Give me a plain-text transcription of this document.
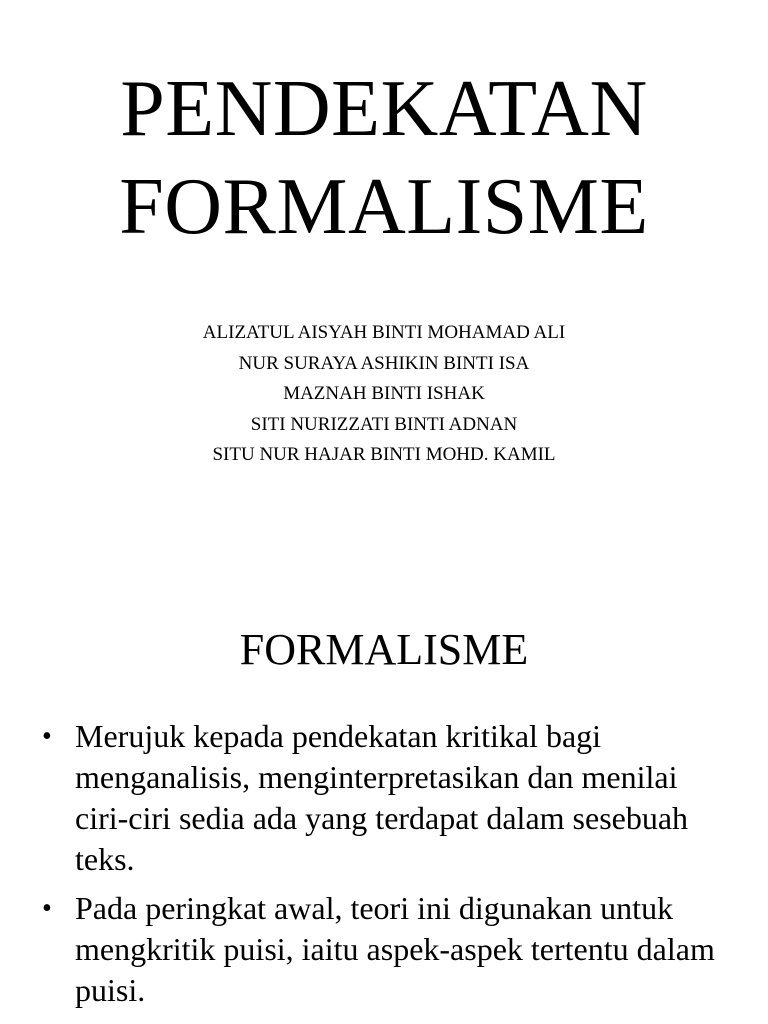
PENDEKATAN
FORMALISME
ALIZATUL AISYAH BINTI MOHAMAD ALI
NUR SURAYA ASHIKIN BINTI ISA
MAZNAH BINTI ISHAK
SITI NURIZZATI BINTI ADNAN
SITU NUR HAJAR BINTI MOHD. KAMIL
FORMALISME
• Merujuk kepada pendekatan kritikal bagi menganalisis, menginterpretasikan dan menilai ciri-ciri sedia ada yang terdapat dalam sesebuah teks.
• Pada peringkat awal, teori ini digunakan untuk mengkritik puisi, iaitu aspek-aspek tertentu dalam puisi.
